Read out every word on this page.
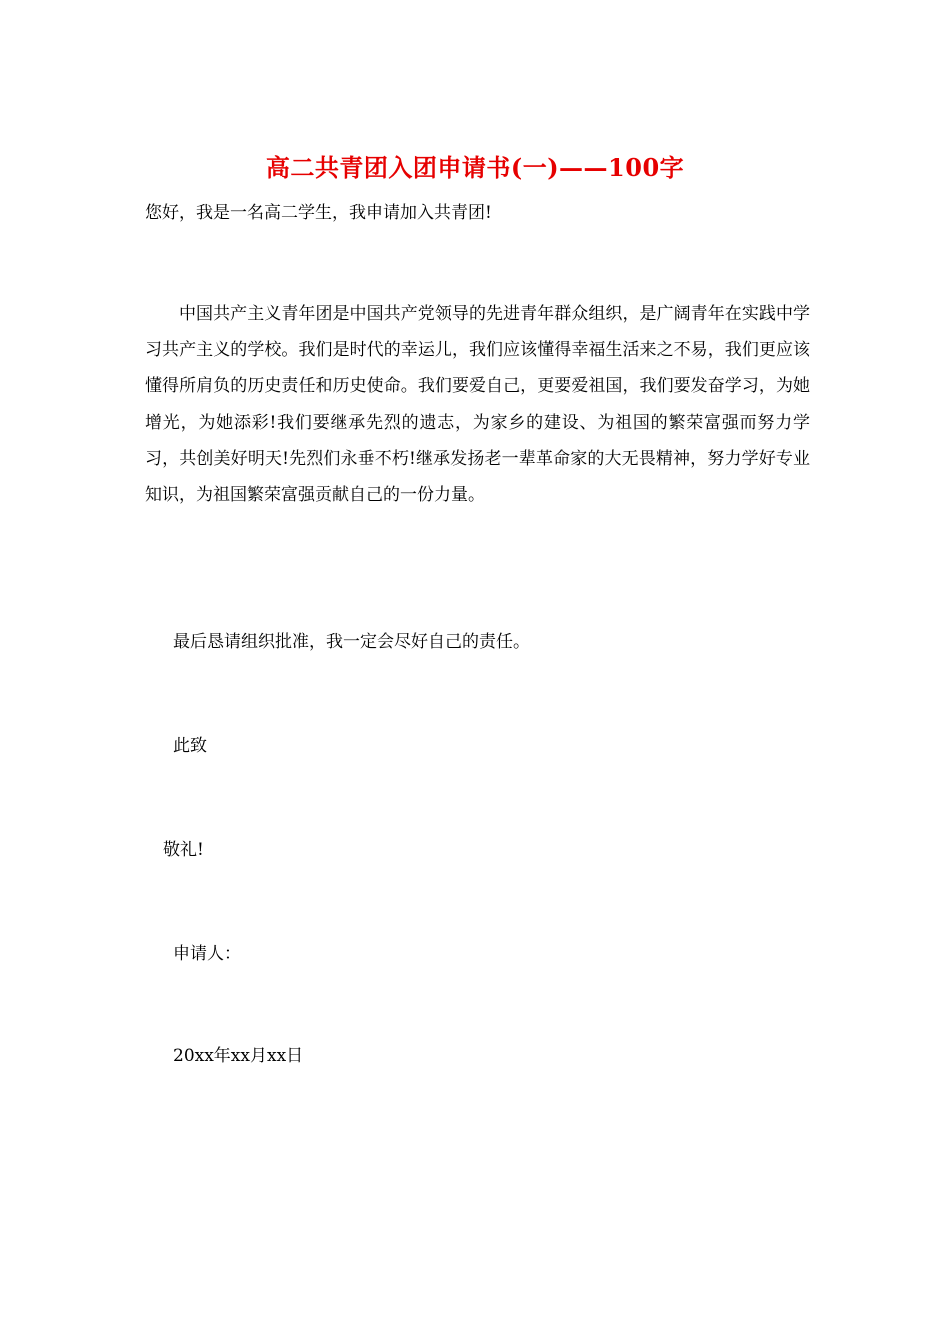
高二共青团入团申请书(一)——100字
您好，我是一名高二学生，我申请加入共青团!
中国共产主义青年团是中国共产党领导的先进青年群众组织，是广阔青年在实践中学习共产主义的学校。我们是时代的幸运儿，我们应该懂得幸福生活来之不易，我们更应该懂得所肩负的历史责任和历史使命。我们要爱自己，更要爱祖国，我们要发奋学习，为她增光，为她添彩!我们要继承先烈的遗志，为家乡的建设、为祖国的繁荣富强而努力学习，共创美好明天!先烈们永垂不朽!继承发扬老一辈革命家的大无畏精神，努力学好专业知识，为祖国繁荣富强贡献自己的一份力量。
最后恳请组织批准，我一定会尽好自己的责任。
此致
敬礼!
申请人：
20xx年xx月xx日
